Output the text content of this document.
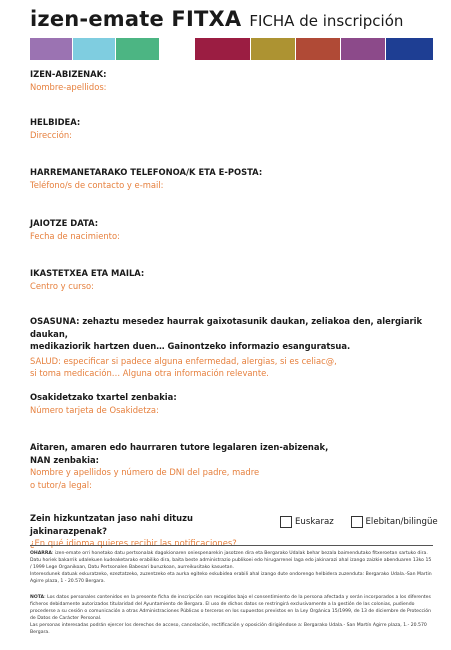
izen-emate FITXA FICHA de inscripción
IZEN-ABIZENAK:
Nombre-apellidos:
HELBIDEA:
Dirección:
HARREMANETARAKO TELEFONOA/K ETA E-POSTA:
Teléfono/s de contacto y e-mail:
JAIOTZE DATA:
Fecha de nacimiento:
IKASTETXEA ETA MAILA:
Centro y curso:
OSASUNA: zehaztu mesedez haurrak gaixotasunik daukan, zeliakoa den, alergiarik daukan,
medikaziorik hartzen duen… Gainontzeko informazio esanguratsua.
SALUD: especificar si padece alguna enfermedad, alergias, si es celiac@,
si toma medicación… Alguna otra información relevante.
Osakidetzako txartel zenbakia:
Número tarjeta de Osakidetza:
Aitaren, amaren edo haurraren tutore legalaren izen-abizenak,
NAN zenbakia:
Nombre y apellidos y número de DNI del padre, madre
o tutor/a legal:
Zein hizkuntzatan jaso nahi dituzu jakinarazpenak?
¿En qué idioma quieres recibir las notificaciones?
Euskaraz	Elebitan/bilingüe
OHARRA: izen-emate orri honetako datu pertsonalak dagokionaren oniespenarekin jasotzen dira eta Bergarako Udalak behar bezala baimendutako fitxeroetan sartuko dira. Datu horiek bakarrik udalekuen kudeaketarako erabiliko dira, baita beste administrazio publikoei edo hirugarrenei laga edo jakinarazi ahal izango zaizkie abenduaren 13ko 15 / 1999 Lege Organikoan, Datu Pertsonalen Babesari buruzkoan, aurreikusitako kasuetan.
Interesdunek datuak eskuratzeko, ezeztatzeko, zuzentzeko eta aurka egiteko eskubidea erabili ahal izango dute ondorengo helbidera zuzenduta: Bergarako Udala.-San Martin Agirre plaza, 1 - 20.570 Bergara.
NOTA: Los datos personales contenidos en la presente ficha de inscripción son recogidos bajo el consentimiento de la persona afectada y serán incorporados a los diferentes ficheros debidamente autorizados titularidad del Ayuntamiento de Bergara. El uso de dichos datos se restringirá exclusivamente a la gestión de las colonias, pudiendo procederse a su cesión o comunicación a otras Administraciones Públicas o terceros en los supuestos previstos en la Ley Orgánica 15/1999, de 13 de diciembre de Protección de Datos de Carácter Personal.
Las personas interesadas podrán ejercer los derechos de acceso, cancelación, rectificación y oposición dirigiéndose a: Bergarako Udala.- San Martín Agirre plaza, 1.- 20.570 Bergara.
